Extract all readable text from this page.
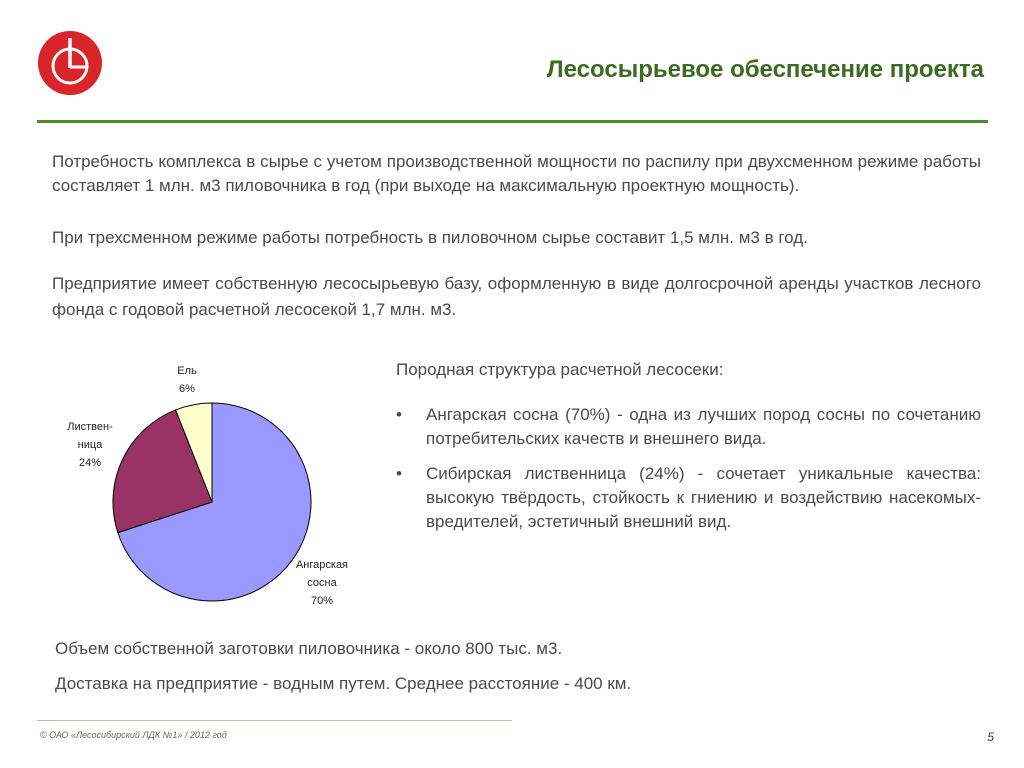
Лесосырьевое обеспечение проекта

Потребность комплекса в сырье с учетом производственной мощности по распилу при двухсменном режиме работы составляет 1 млн. м3 пиловочника в год (при выходе на максимальную проектную мощность).

При трехсменном режиме работы потребность в пиловочном сырье составит 1,5 млн. м3 в год.

Предприятие имеет собственную лесосырьевую базу, оформленную в виде долгосрочной аренды участков лесного фонда с годовой расчетной лесосекой 1,7 млн. м3.

Ангарская сосна 70%
Листвен-ница 24%
Ель 6%

Породная структура расчетной лесосеки:

• Ангарская сосна (70%) - одна из лучших пород сосны по сочетанию потребительских качеств и внешнего вида.
• Сибирская лиственница (24%) - сочетает уникальные качества: высокую твёрдость, стойкость к гниению и воздействию насекомых-вредителей, эстетичный внешний вид.

Объем собственной заготовки пиловочника - около 800 тыс. м3.

Доставка на предприятие - водным путем. Среднее расстояние - 400 км.

© ОАО «Лесосибирский ЛДК №1» / 2012 год	5
